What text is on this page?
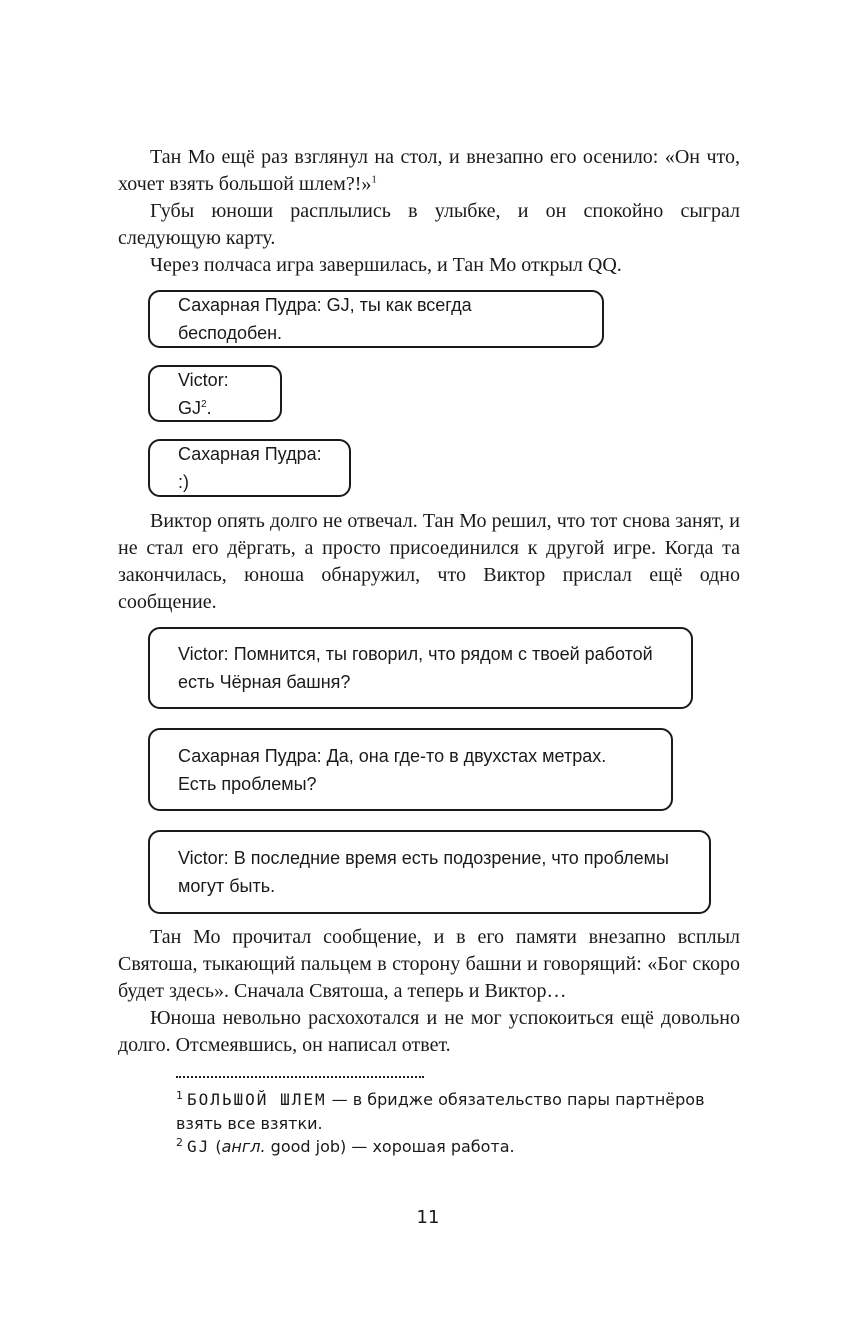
Тан Мо ещё раз взглянул на стол, и внезапно его осенило: «Он что, хочет взять большой шлем?!»$^1$

Губы юноши расплылись в улыбке, и он спокойно сыграл следующую карту.

Через полчаса игра завершилась, и Тан Мо открыл QQ.

Сахарная Пудра: GJ, ты как всегда бесподобен.
Victor: $GJ^2$.
Сахарная Пудра: :)

Виктор опять долго не отвечал. Тан Мо решил, что тот снова занят, и не стал его дёргать, а просто присоединился к другой игре. Когда та закончилась, юноша обнаружил, что Виктор прислал ещё одно сообщение.

Victor: Помнится, ты говорил, что рядом с твоей работой есть Чёрная башня?
Сахарная Пудра: Да, она где-то в двухстах метрах. Есть проблемы?
Victor: В последние время есть подозрение, что проблемы могут быть.

Тан Мо прочитал сообщение, и в его памяти внезапно всплыл Святоша, тыкающий пальцем в сторону башни и говорящий: «Бог скоро будет здесь». Сначала Святоша, а теперь и Виктор…

Юноша невольно расхохотался и не мог успокоиться ещё довольно долго. Отсмеявшись, он написал ответ.

$^1$ БОЛЬШОЙ ШЛЕМ — в бридже обязательство пары партнёров взять все взятки.
$^2$ GJ (англ. good job) — хорошая работа.
11
